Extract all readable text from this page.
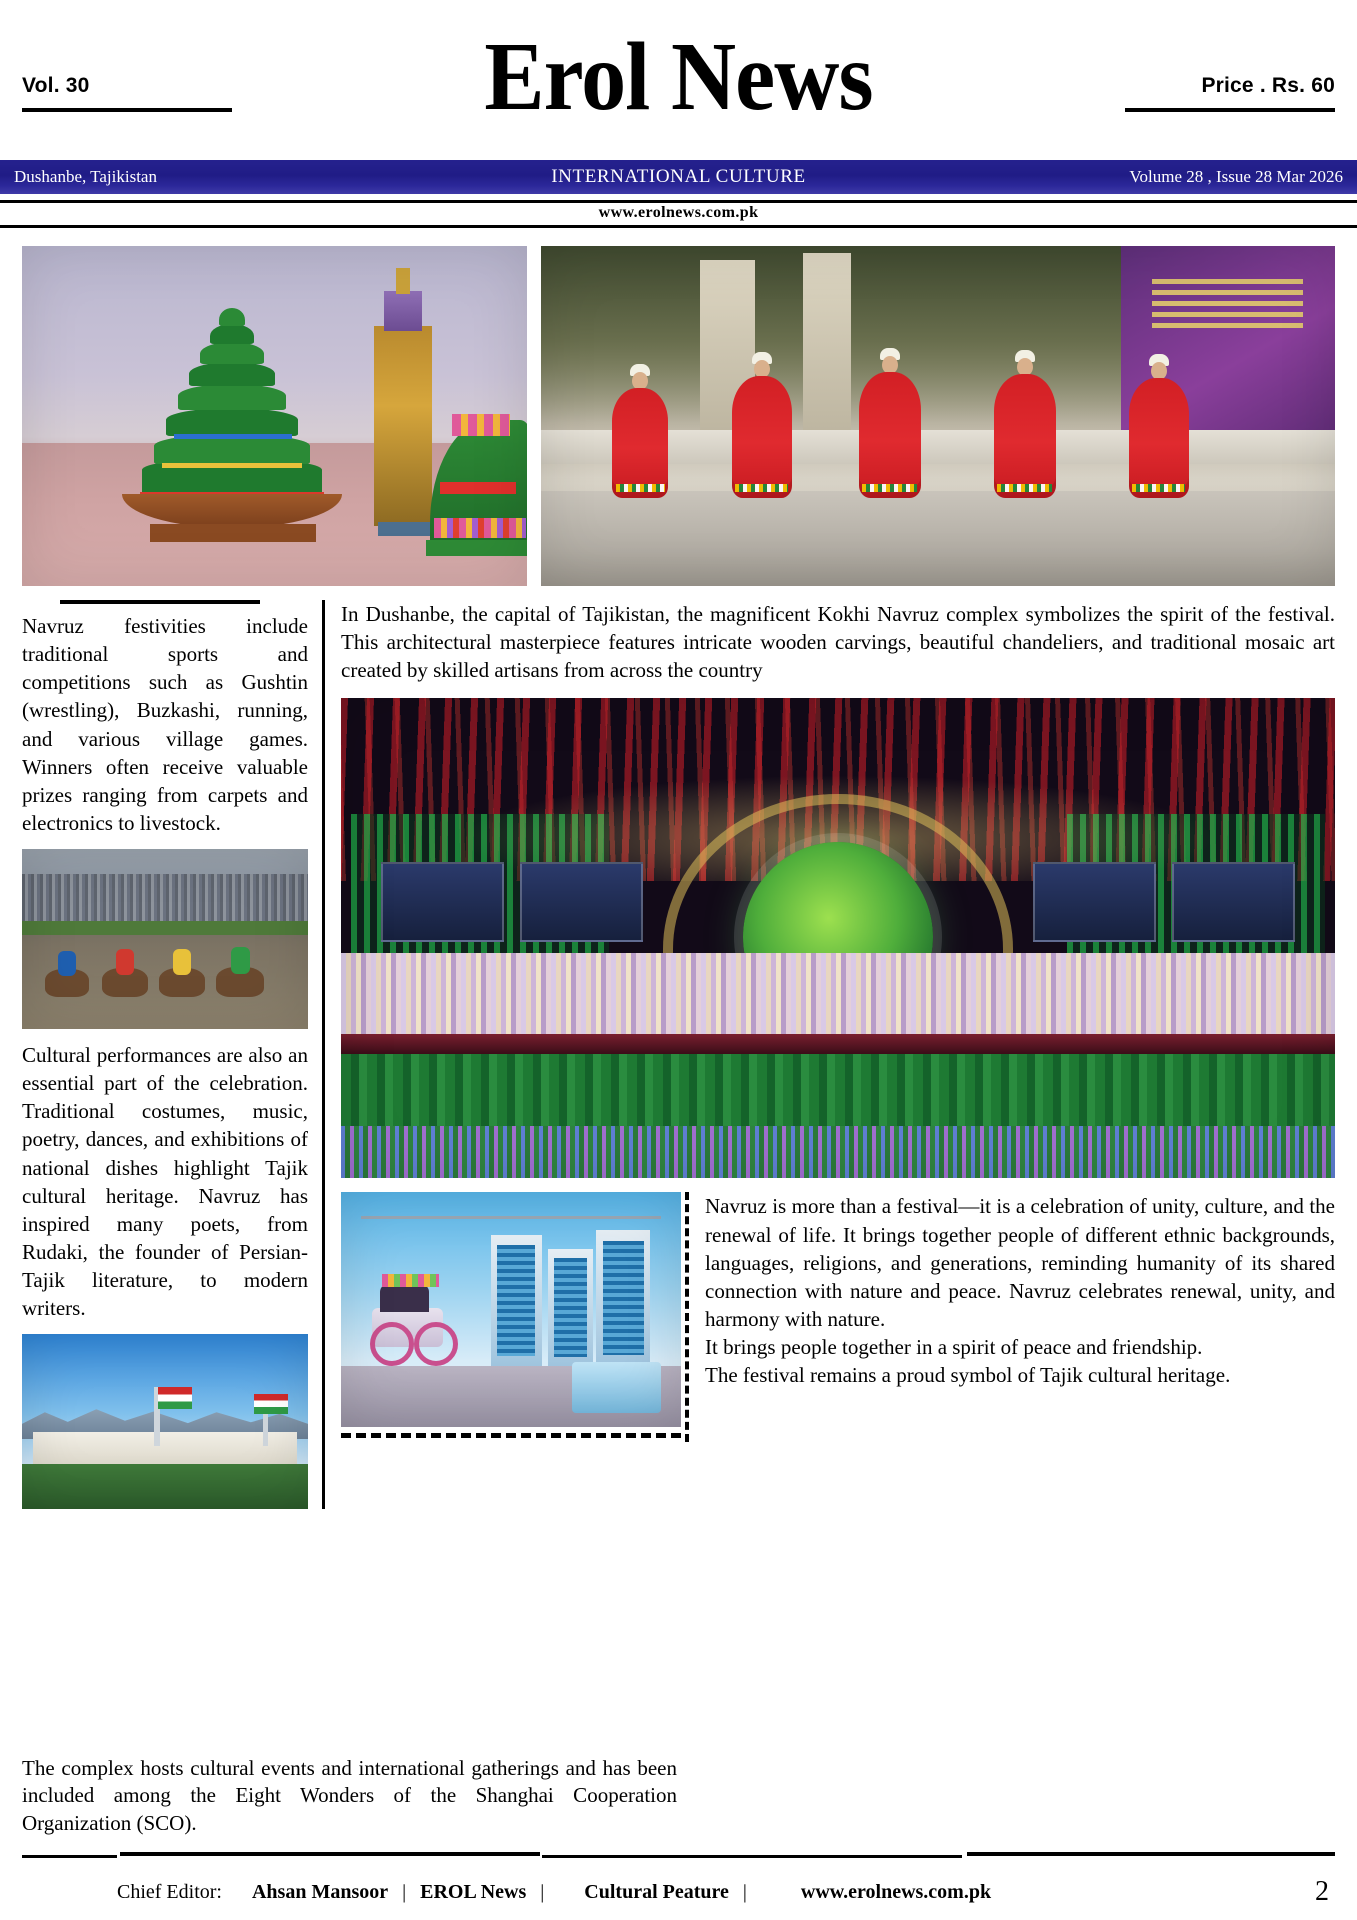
Vol. 30	Erol News	Price . Rs. 60
Dushanbe, Tajikistan	INTERNATIONAL CULTURE	Volume 28 , Issue 28 Mar 2026
www.erolnews.com.pk

Navruz festivities include traditional sports and competitions such as Gushtin (wrestling), Buzkashi, running, and various village games. Winners often receive valuable prizes ranging from carpets and electronics to livestock.

Cultural performances are also an essential part of the celebration. Traditional costumes, music, poetry, dances, and exhibitions of national dishes highlight Tajik cultural heritage. Navruz has inspired many poets, from Rudaki, the founder of Persian-Tajik literature, to modern writers.

In Dushanbe, the capital of Tajikistan, the magnificent Kokhi Navruz complex symbolizes the spirit of the festival. This architectural masterpiece features intricate wooden carvings, beautiful chandeliers, and traditional mosaic art created by skilled artisans from across the country

Navruz is more than a festival—it is a celebration of unity, culture, and the renewal of life. It brings together people of different ethnic backgrounds, languages, religions, and generations, reminding humanity of its shared connection with nature and peace. Navruz celebrates renewal, unity, and harmony with nature.

It brings people together in a spirit of peace and friendship.

The festival remains a proud symbol of Tajik cultural heritage.

The complex hosts cultural events and international gatherings and has been included among the Eight Wonders of the Shanghai Cooperation Organization (SCO).

Chief Editor: Ahsan Mansoor | EROL News | Cultural Peature |	www.erolnews.com.pk	2
